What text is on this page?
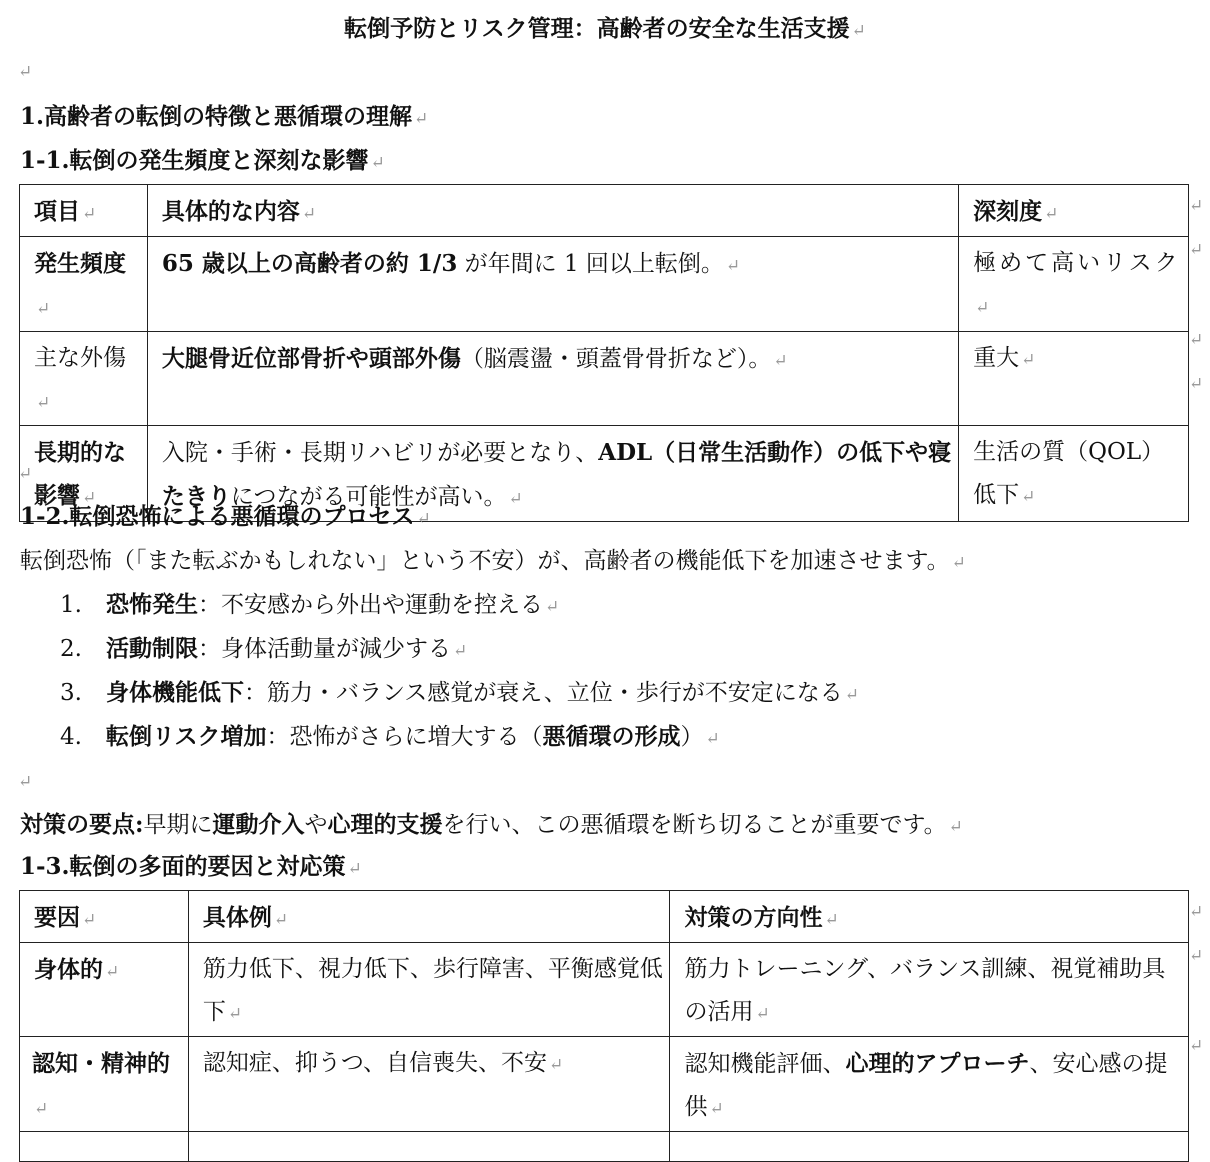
転倒予防とリスク管理：高齢者の安全な生活支援 ↵
↵
1.高齢者の転倒の特徴と悪循環の理解 ↵
1-1.転倒の発生頻度と深刻な影響 ↵
項目 ↵	具体的な内容 ↵	深刻度 ↵
発生頻度↵	65 歳以上の高齢者の約 1/3 が年間に 1 回以上転倒。 ↵	極めて高いリスク↵
主な外傷↵	大腿骨近位部骨折や頭部外傷（脳震盪・頭蓋骨骨折など）。 ↵	重大 ↵
長期的な影響 ↵	入院・手術・長期リハビリが必要となり、ADL（日常生活動作）の低下や寝たきりにつながる可能性が高い。 ↵	生活の質（QOL）低下 ↵
↵
↵
↵
↵
↵
1-2.転倒恐怖による悪循環のプロセス ↵
転倒恐怖（「また転ぶかもしれない」という不安）が、高齢者の機能低下を加速させます。 ↵
1. 恐怖発生：不安感から外出や運動を控える ↵
2. 活動制限：身体活動量が減少する ↵
3. 身体機能低下：筋力・バランス感覚が衰え、立位・歩行が不安定になる ↵
4. 転倒リスク増加：恐怖がさらに増大する（悪循環の形成） ↵
↵
対策の要点:早期に運動介入や心理的支援を行い、この悪循環を断ち切ることが重要です。 ↵
1-3.転倒の多面的要因と対応策 ↵
要因 ↵	具体例 ↵	対策の方向性 ↵
身体的 ↵	筋力低下、視力低下、歩行障害、平衡感覚低下 ↵	筋力トレーニング、バランス訓練、視覚補助具の活用 ↵
認知・精神的↵	認知症、抑うつ、自信喪失、不安 ↵	認知機能評価、心理的アプローチ、安心感の提供 ↵

↵
↵
↵
